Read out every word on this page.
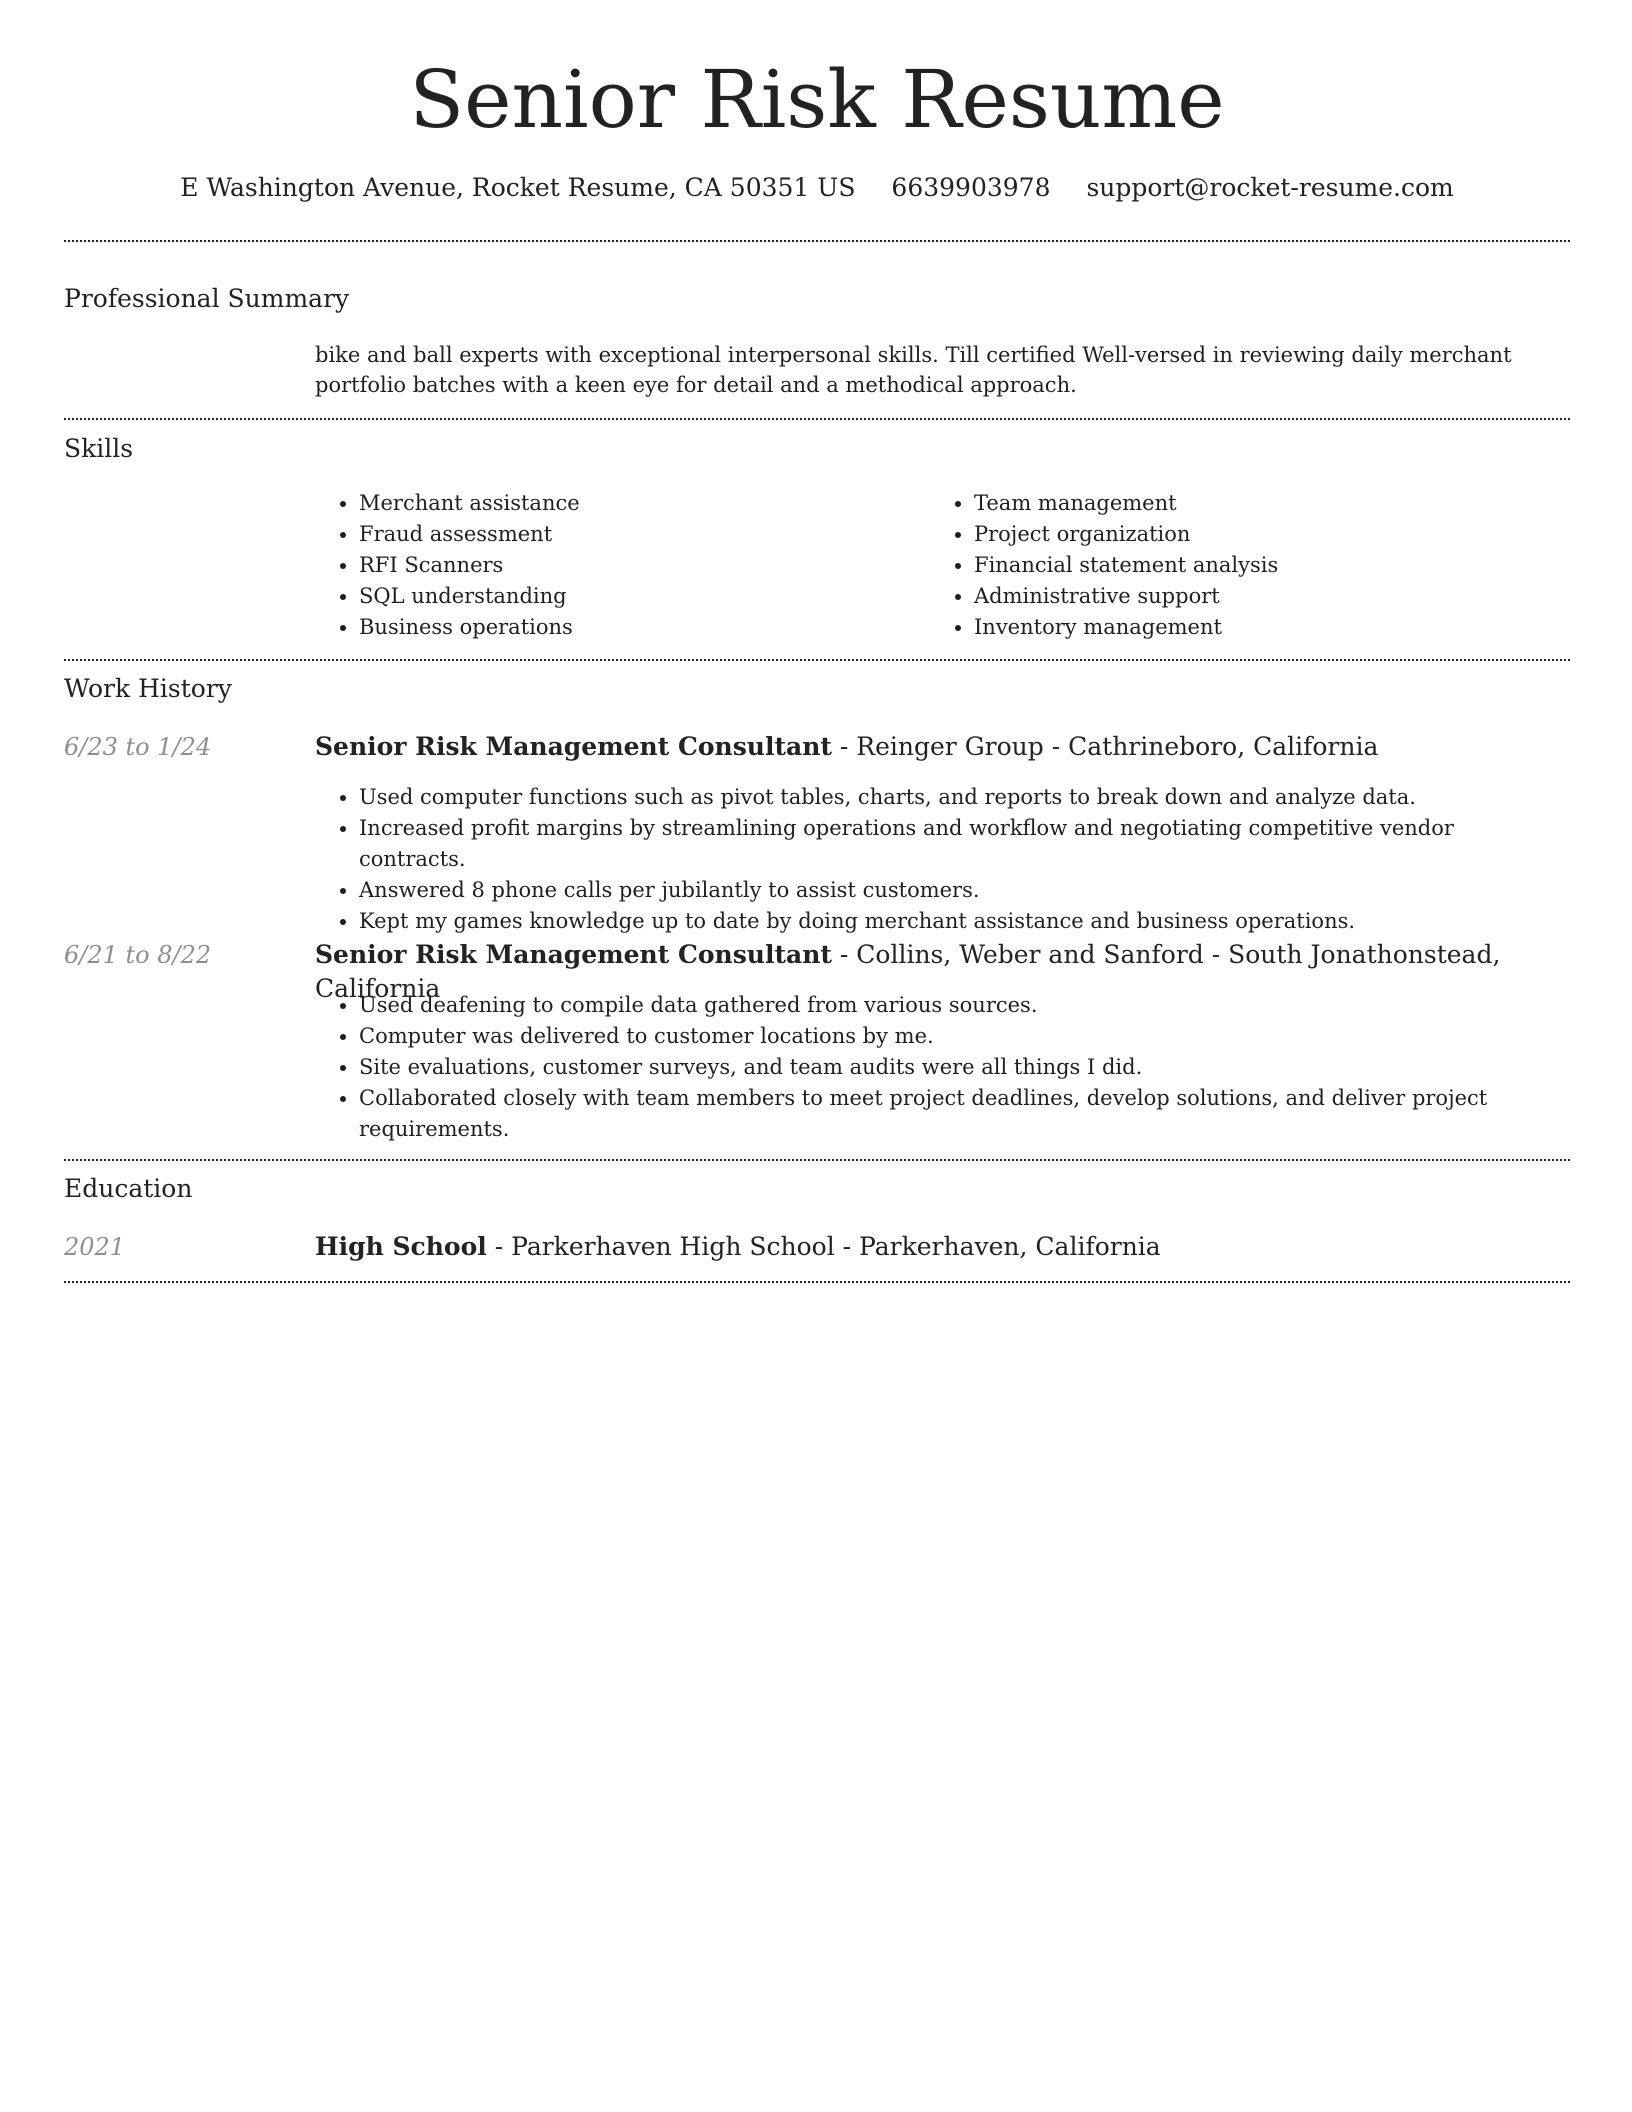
Senior Risk Resume
E Washington Avenue, Rocket Resume, CA 50351 US 6639903978 support@rocket-resume.com
Professional Summary
bike and ball experts with exceptional interpersonal skills. Till certified Well-versed in reviewing daily merchant portfolio batches with a keen eye for detail and a methodical approach.
Skills
• Merchant assistance
• Fraud assessment
• RFI Scanners
• SQL understanding
• Business operations
• Team management
• Project organization
• Financial statement analysis
• Administrative support
• Inventory management
Work History
6/23 to 1/24	Senior Risk Management Consultant - Reinger Group - Cathrineboro, California
• Used computer functions such as pivot tables, charts, and reports to break down and analyze data.
• Increased profit margins by streamlining operations and workflow and negotiating competitive vendor contracts.
• Answered 8 phone calls per jubilantly to assist customers.
• Kept my games knowledge up to date by doing merchant assistance and business operations.
6/21 to 8/22	Senior Risk Management Consultant - Collins, Weber and Sanford - South Jonathonstead, California
• Used deafening to compile data gathered from various sources.
• Computer was delivered to customer locations by me.
• Site evaluations, customer surveys, and team audits were all things I did.
• Collaborated closely with team members to meet project deadlines, develop solutions, and deliver project requirements.
Education
2021	High School - Parkerhaven High School - Parkerhaven, California
